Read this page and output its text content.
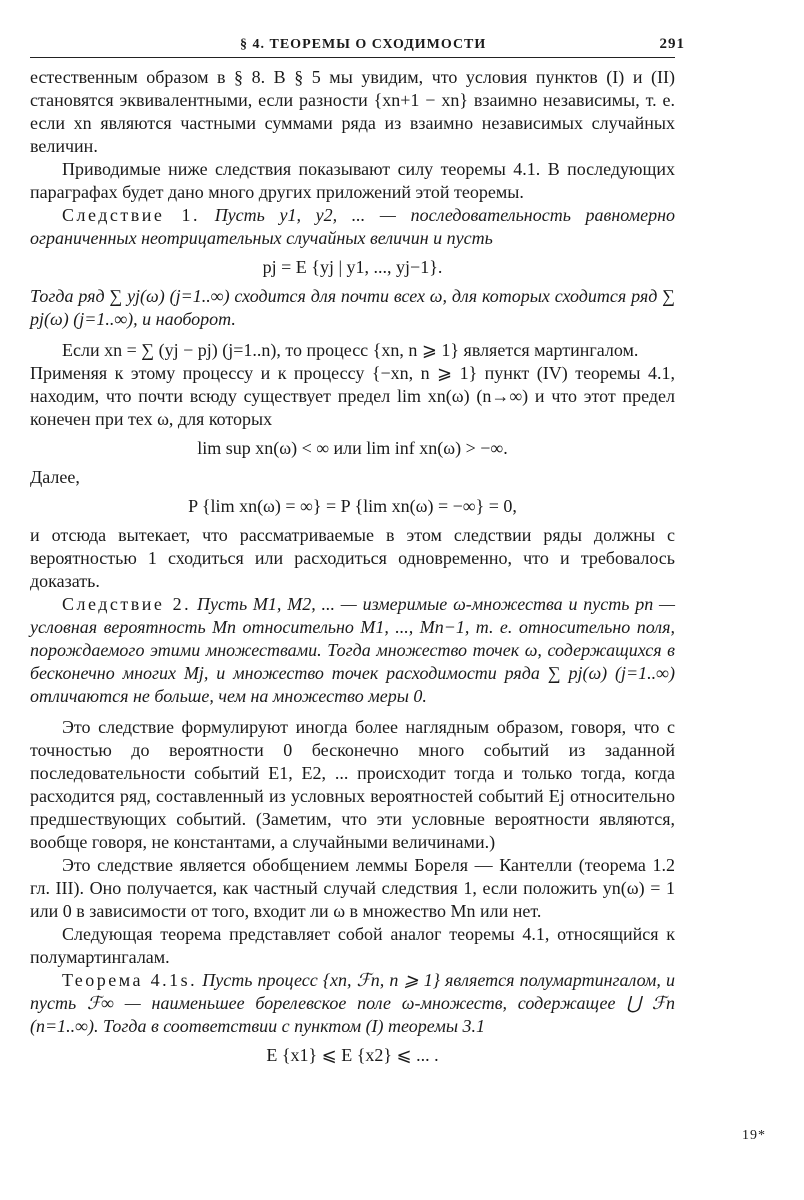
§ 4. ТЕОРЕМЫ О СХОДИМОСТИ	291

естественным образом в § 8. В § 5 мы увидим, что условия пунктов (I) и (II) становятся эквивалентными, если разности {xn+1 − xn} взаимно независимы, т. е. если xn являются частными суммами ряда из взаимно независимых случайных величин.

Приводимые ниже следствия показывают силу теоремы 4.1. В последующих параграфах будет дано много других приложений этой теоремы.

Следствие 1. Пусть y1, y2, ... — последовательность равномерно ограниченных неотрицательных случайных величин и пусть

pj = E {yj | y1, ..., yj−1}.

Тогда ряд ∑ yj(ω) (j=1..∞) сходится для почти всех ω, для которых сходится ряд ∑ pj(ω) (j=1..∞), и наоборот.

Если xn = ∑ (yj − pj) (j=1..n), то процесс {xn, n ⩾ 1} является мартингалом.

Применяя к этому процессу и к процессу {−xn, n ⩾ 1} пункт (IV) теоремы 4.1, находим, что почти всюду существует предел lim xn(ω) (n→∞) и что этот предел конечен при тех ω, для которых

lim sup xn(ω) < ∞ или lim inf xn(ω) > −∞.

Далее,

P {lim xn(ω) = ∞} = P {lim xn(ω) = −∞} = 0,

и отсюда вытекает, что рассматриваемые в этом следствии ряды должны с вероятностью 1 сходиться или расходиться одновременно, что и требовалось доказать.

Следствие 2. Пусть M1, M2, ... — измеримые ω-множества и пусть pn — условная вероятность Mn относительно M1, ..., Mn−1, т. е. относительно поля, порождаемого этими множествами. Тогда множество точек ω, содержащихся в бесконечно многих Mj, и множество точек расходимости ряда ∑ pj(ω) (j=1..∞) отличаются не больше, чем на множество меры 0.

Это следствие формулируют иногда более наглядным образом, говоря, что с точностью до вероятности 0 бесконечно много событий из заданной последовательности событий E1, E2, ... происходит тогда и только тогда, когда расходится ряд, составленный из условных вероятностей событий Ej относительно предшествующих событий. (Заметим, что эти условные вероятности являются, вообще говоря, не константами, а случайными величинами.)

Это следствие является обобщением леммы Бореля — Кантелли (теорема 1.2 гл. III). Оно получается, как частный случай следствия 1, если положить yn(ω) = 1 или 0 в зависимости от того, входит ли ω в множество Mn или нет.

Следующая теорема представляет собой аналог теоремы 4.1, относящийся к полумартингалам.

Теорема 4.1s. Пусть процесс {xn, ℱn, n ⩾ 1} является полумартингалом, и пусть ℱ∞ — наименьшее борелевское поле ω-множеств, содержащее ⋃ ℱn (n=1..∞). Тогда в соответствии с пунктом (I) теоремы 3.1

E {x1} ⩽ E {x2} ⩽ ... .
19*
